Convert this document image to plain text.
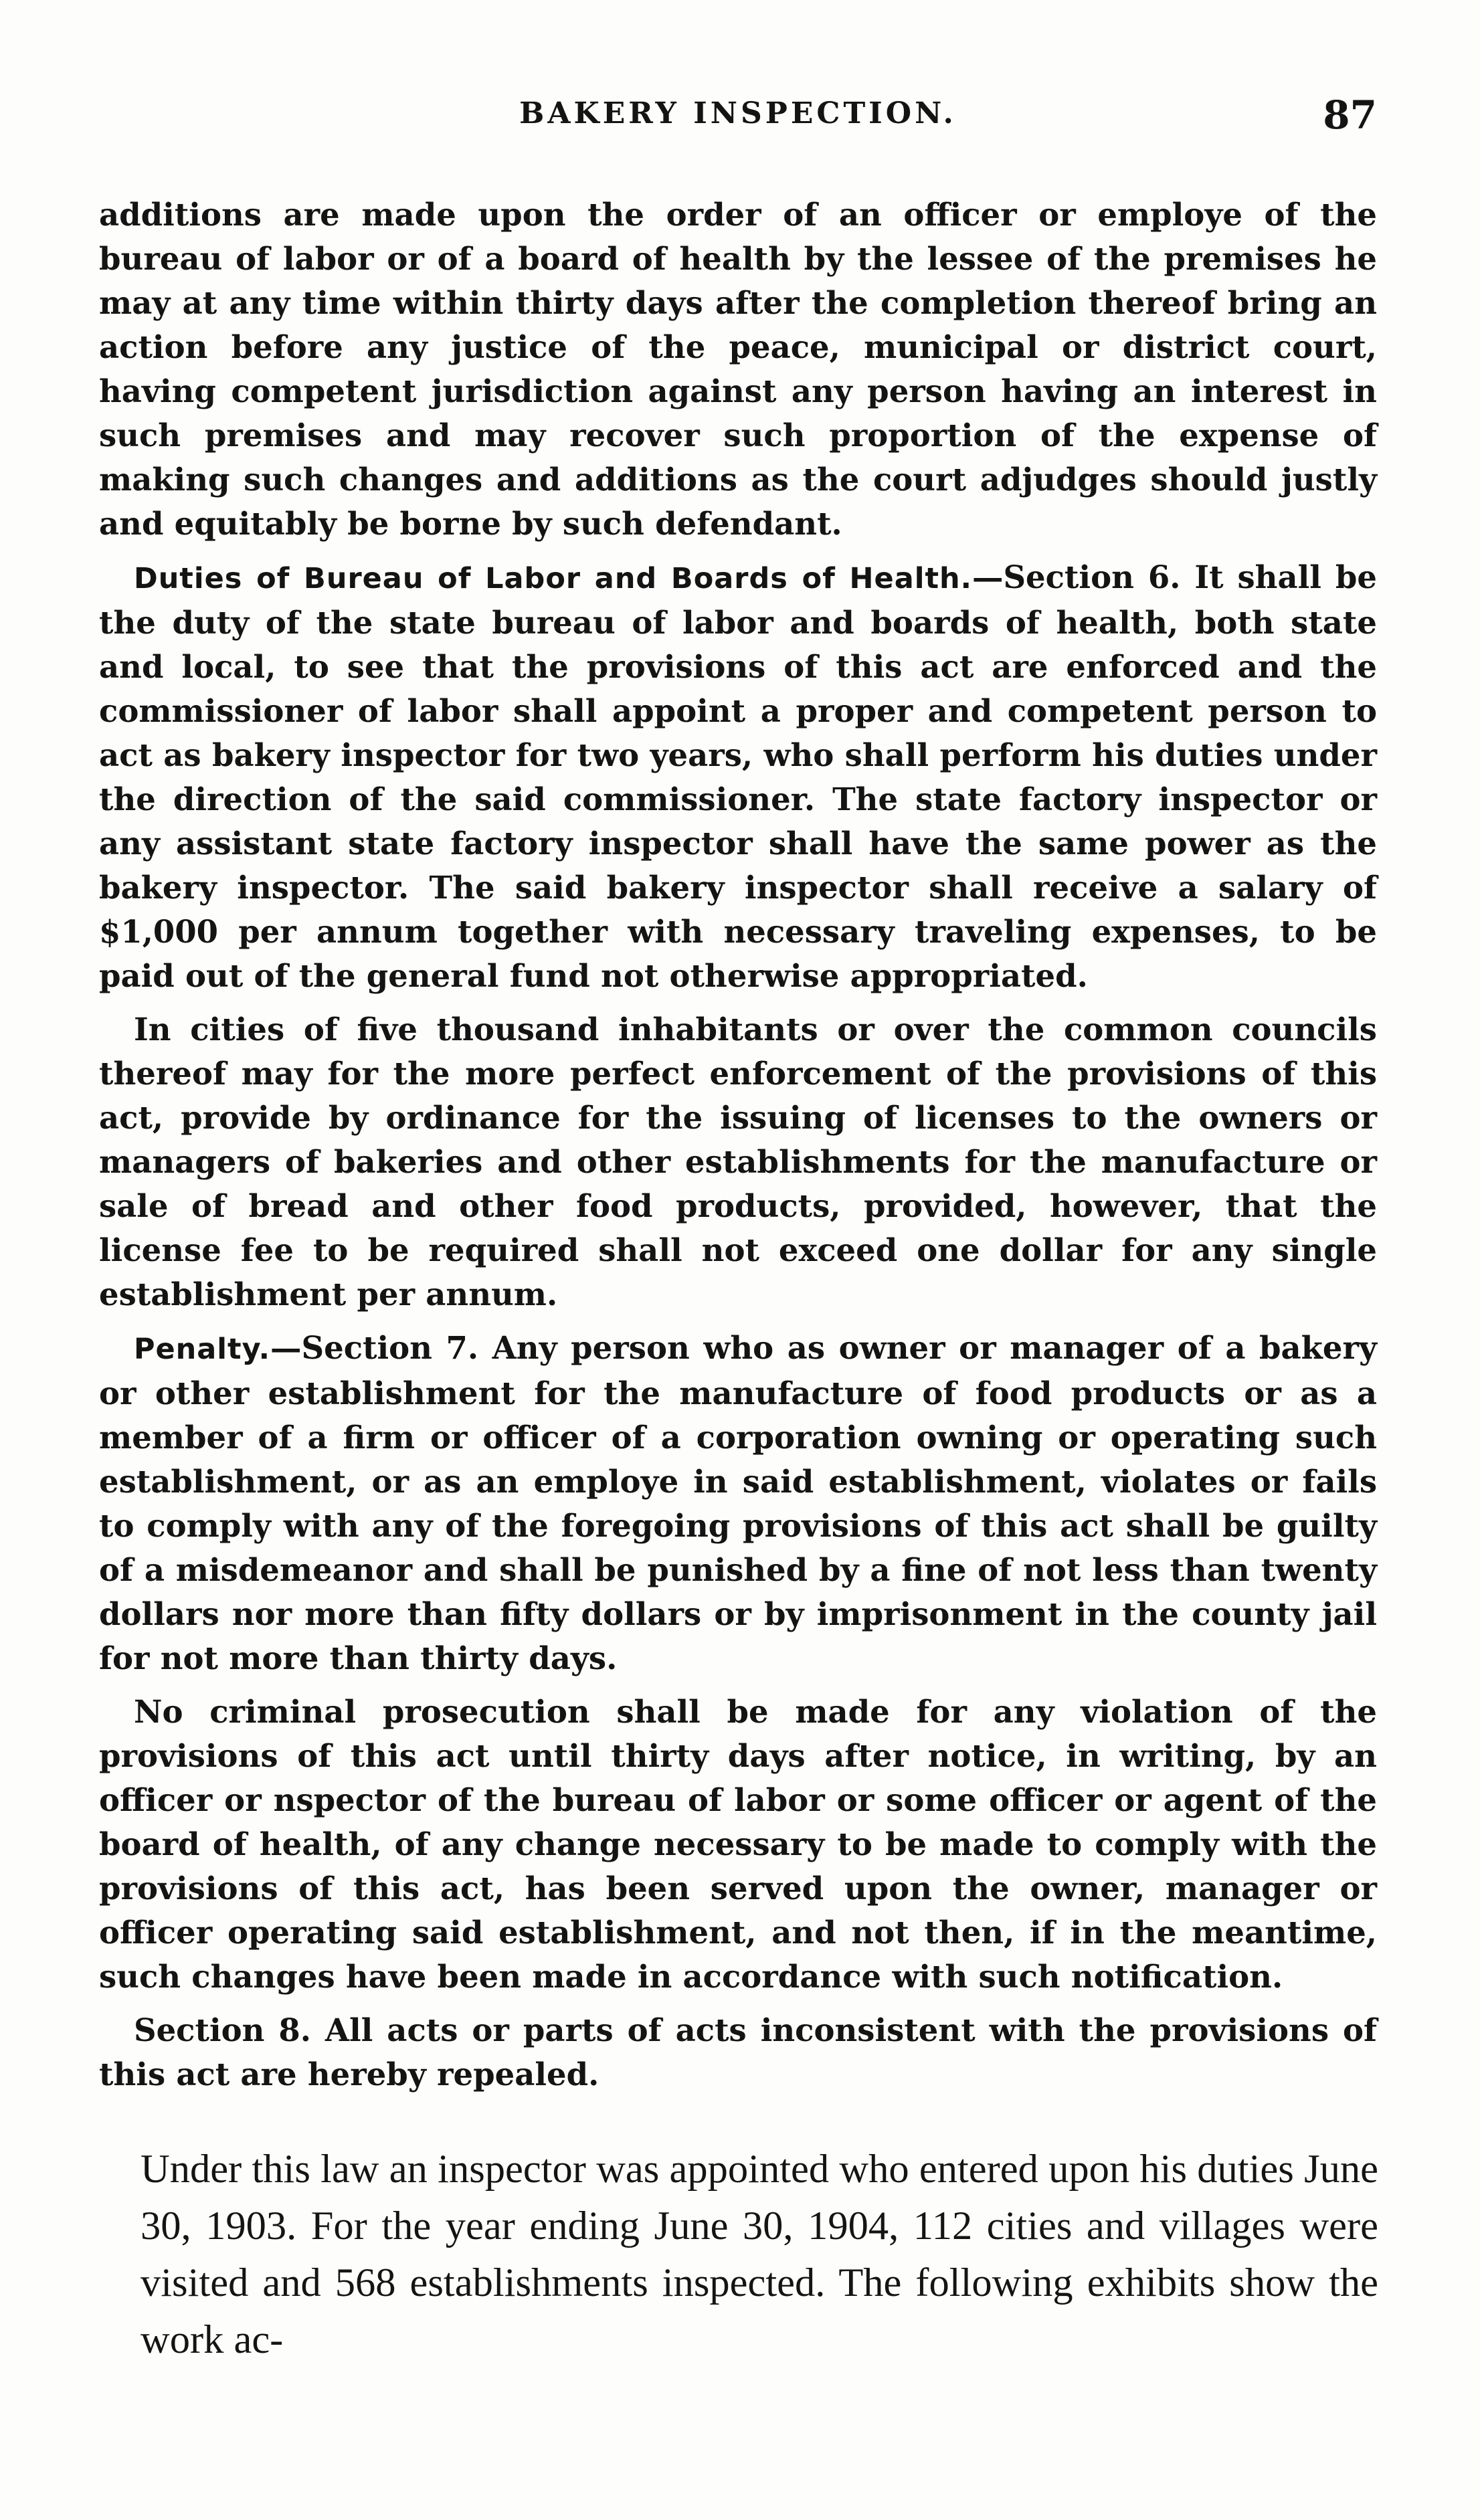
BAKERY INSPECTION.	87

additions are made upon the order of an officer or employe of the bureau of labor or of a board of health by the lessee of the premises he may at any time within thirty days after the completion thereof bring an action before any justice of the peace, municipal or district court, having competent jurisdiction against any person having an interest in such premises and may recover such proportion of the expense of making such changes and additions as the court adjudges should justly and equitably be borne by such defendant.

Duties of Bureau of Labor and Boards of Health.—Section 6. It shall be the duty of the state bureau of labor and boards of health, both state and local, to see that the provisions of this act are enforced and the commissioner of labor shall appoint a proper and competent person to act as bakery inspector for two years, who shall perform his duties under the direction of the said commissioner. The state factory inspector or any assistant state factory inspector shall have the same power as the bakery inspector. The said bakery inspector shall receive a salary of $1,000 per annum together with necessary traveling expenses, to be paid out of the general fund not otherwise appropriated.

In cities of five thousand inhabitants or over the common councils thereof may for the more perfect enforcement of the provisions of this act, provide by ordinance for the issuing of licenses to the owners or managers of bakeries and other establishments for the manufacture or sale of bread and other food products, provided, however, that the license fee to be required shall not exceed one dollar for any single establishment per annum.

Penalty.—Section 7. Any person who as owner or manager of a bakery or other establishment for the manufacture of food products or as a member of a firm or officer of a corporation owning or operating such establishment, or as an employe in said establishment, violates or fails to comply with any of the foregoing provisions of this act shall be guilty of a misdemeanor and shall be punished by a fine of not less than twenty dollars nor more than fifty dollars or by imprisonment in the county jail for not more than thirty days.

No criminal prosecution shall be made for any violation of the provisions of this act until thirty days after notice, in writing, by an officer or nspector of the bureau of labor or some officer or agent of the board of health, of any change necessary to be made to comply with the provisions of this act, has been served upon the owner, manager or officer operating said establishment, and not then, if in the meantime, such changes have been made in accordance with such notification.

Section 8. All acts or parts of acts inconsistent with the provisions of this act are hereby repealed.

Under this law an inspector was appointed who entered upon his duties June 30, 1903. For the year ending June 30, 1904, 112 cities and villages were visited and 568 establishments inspected. The following exhibits show the work ac-
